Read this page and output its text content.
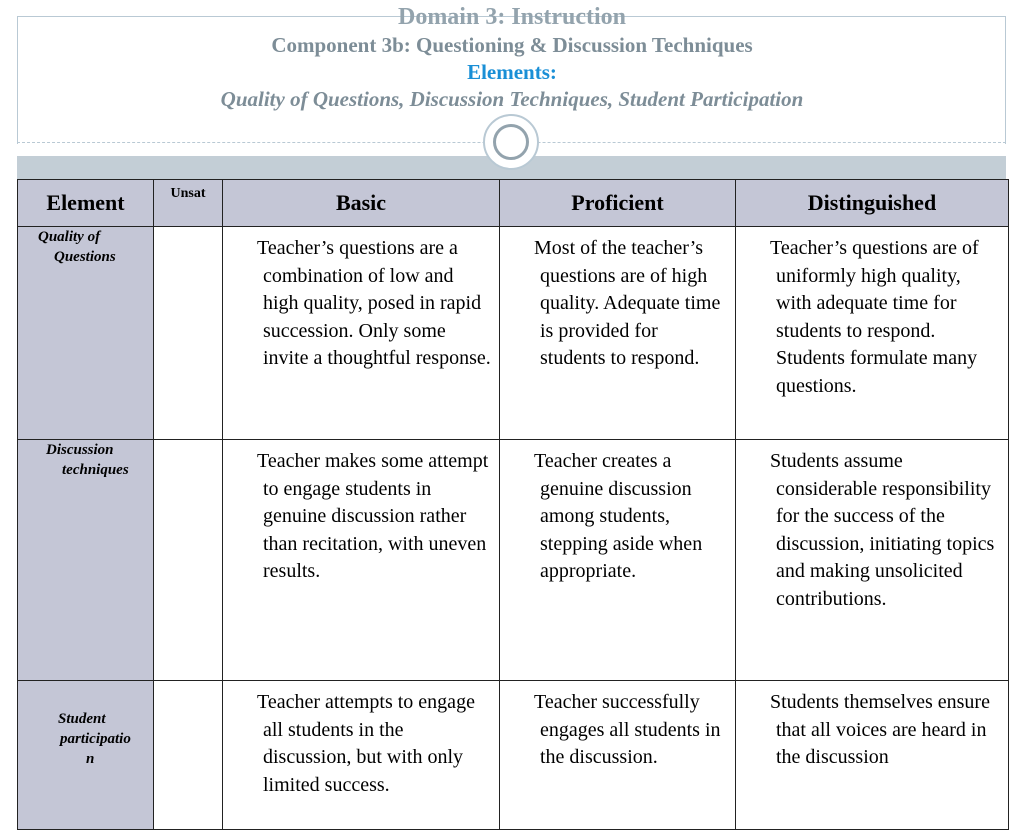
Domain 3: Instruction
Component 3b: Questioning & Discussion Techniques
Elements:
Quality of Questions, Discussion Techniques, Student Participation
Element	Unsat	Basic	Proficient	Distinguished

Quality of
Questions		Teacher’s questions are a combination of low and high quality, posed in rapid succession. Only some invite a thoughtful response.	Most of the teacher’s questions are of high quality. Adequate time is provided for students to respond.	Teacher’s questions are of uniformly high quality, with adequate time for students to respond. Students formulate many questions.

Discussion
techniques		Teacher makes some attempt to engage students in genuine discussion rather than recitation, with uneven results.	Teacher creates a genuine discussion among students, stepping aside when appropriate.	Students assume considerable responsibility for the success of the discussion, initiating topics and making unsolicited contributions.

Student
participatio
n		Teacher attempts to engage all students in the discussion, but with only limited success.	Teacher successfully engages all students in the discussion.	Students themselves ensure that all voices are heard in the discussion
